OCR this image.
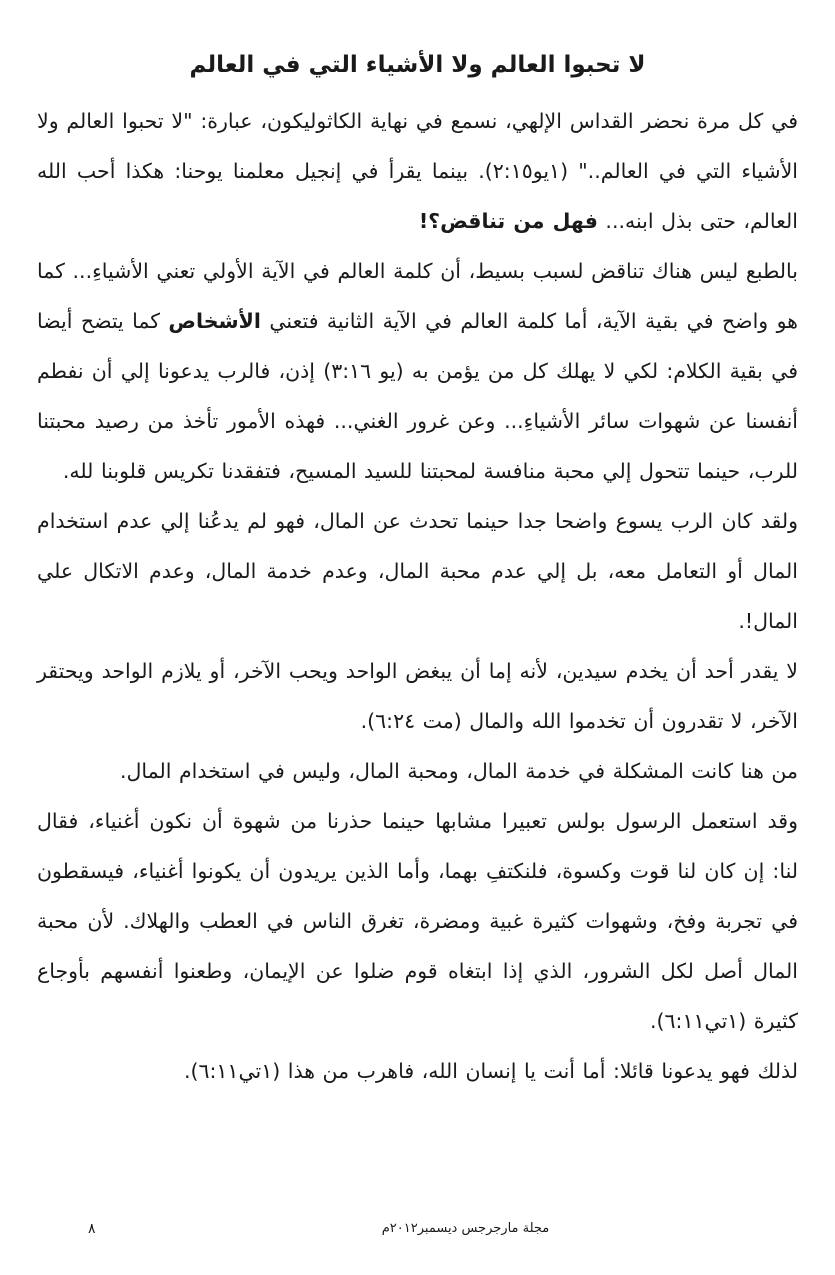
لا تحبوا العالم ولا الأشياء التي في العالم

في كل مرة نحضر القداس الإلهي، نسمع في نهاية الكاثوليكون، عبارة: "لا تحبوا العالم ولا الأشياء التي في العالم.." (١يو٢:١٥). بينما يقرأ في إنجيل معلمنا يوحنا: هكذا أحب الله العالم، حتى بذل ابنه... فهل من تناقض؟!

بالطبع ليس هناك تناقض لسبب بسيط، أن كلمة العالم في الآية الأولي تعني الأشياءِ... كما هو واضح في بقية الآية، أما كلمة العالم في الآية الثانية فتعني الأشخاص كما يتضح أيضا في بقية الكلام: لكي لا يهلك كل من يؤمن به (يو ٣:١٦) إذن، فالرب يدعونا إلي أن نفطم أنفسنا عن شهوات سائر الأشياءِ... وعن غرور الغني... فهذه الأمور تأخذ من رصيد محبتنا للرب، حينما تتحول إلي محبة منافسة لمحبتنا للسيد المسيح، فتفقدنا تكريس قلوبنا لله.

ولقد كان الرب يسوع واضحا جدا حينما تحدث عن المال، فهو لم يدعُنا إلي عدم استخدام المال أو التعامل معه، بل إلي عدم محبة المال، وعدم خدمة المال، وعدم الاتكال علي المال!.

لا يقدر أحد أن يخدم سيدين، لأنه إما أن يبغض الواحد ويحب الآخر، أو يلازم الواحد ويحتقر الآخر، لا تقدرون أن تخدموا الله والمال (مت ٦:٢٤).

من هنا كانت المشكلة في خدمة المال، ومحبة المال، وليس في استخدام المال.

وقد استعمل الرسول بولس تعبيرا مشابها حينما حذرنا من شهوة أن نكون أغنياء، فقال لنا: إن كان لنا قوت وكسوة، فلنكتفِ بهما، وأما الذين يريدون أن يكونوا أغنياء، فيسقطون في تجربة وفخ، وشهوات كثيرة غبية ومضرة، تغرق الناس في العطب والهلاك. لأن محبة المال أصل لكل الشرور، الذي إذا ابتغاه قوم ضلوا عن الإيمان، وطعنوا أنفسهم بأوجاع كثيرة (١تي٦:١١).

لذلك فهو يدعونا قائلا: أما أنت يا إنسان الله، فاهرب من هذا (١تي٦:١١).

مجلة مارجرجس ديسمبر٢٠١٢م
٨
